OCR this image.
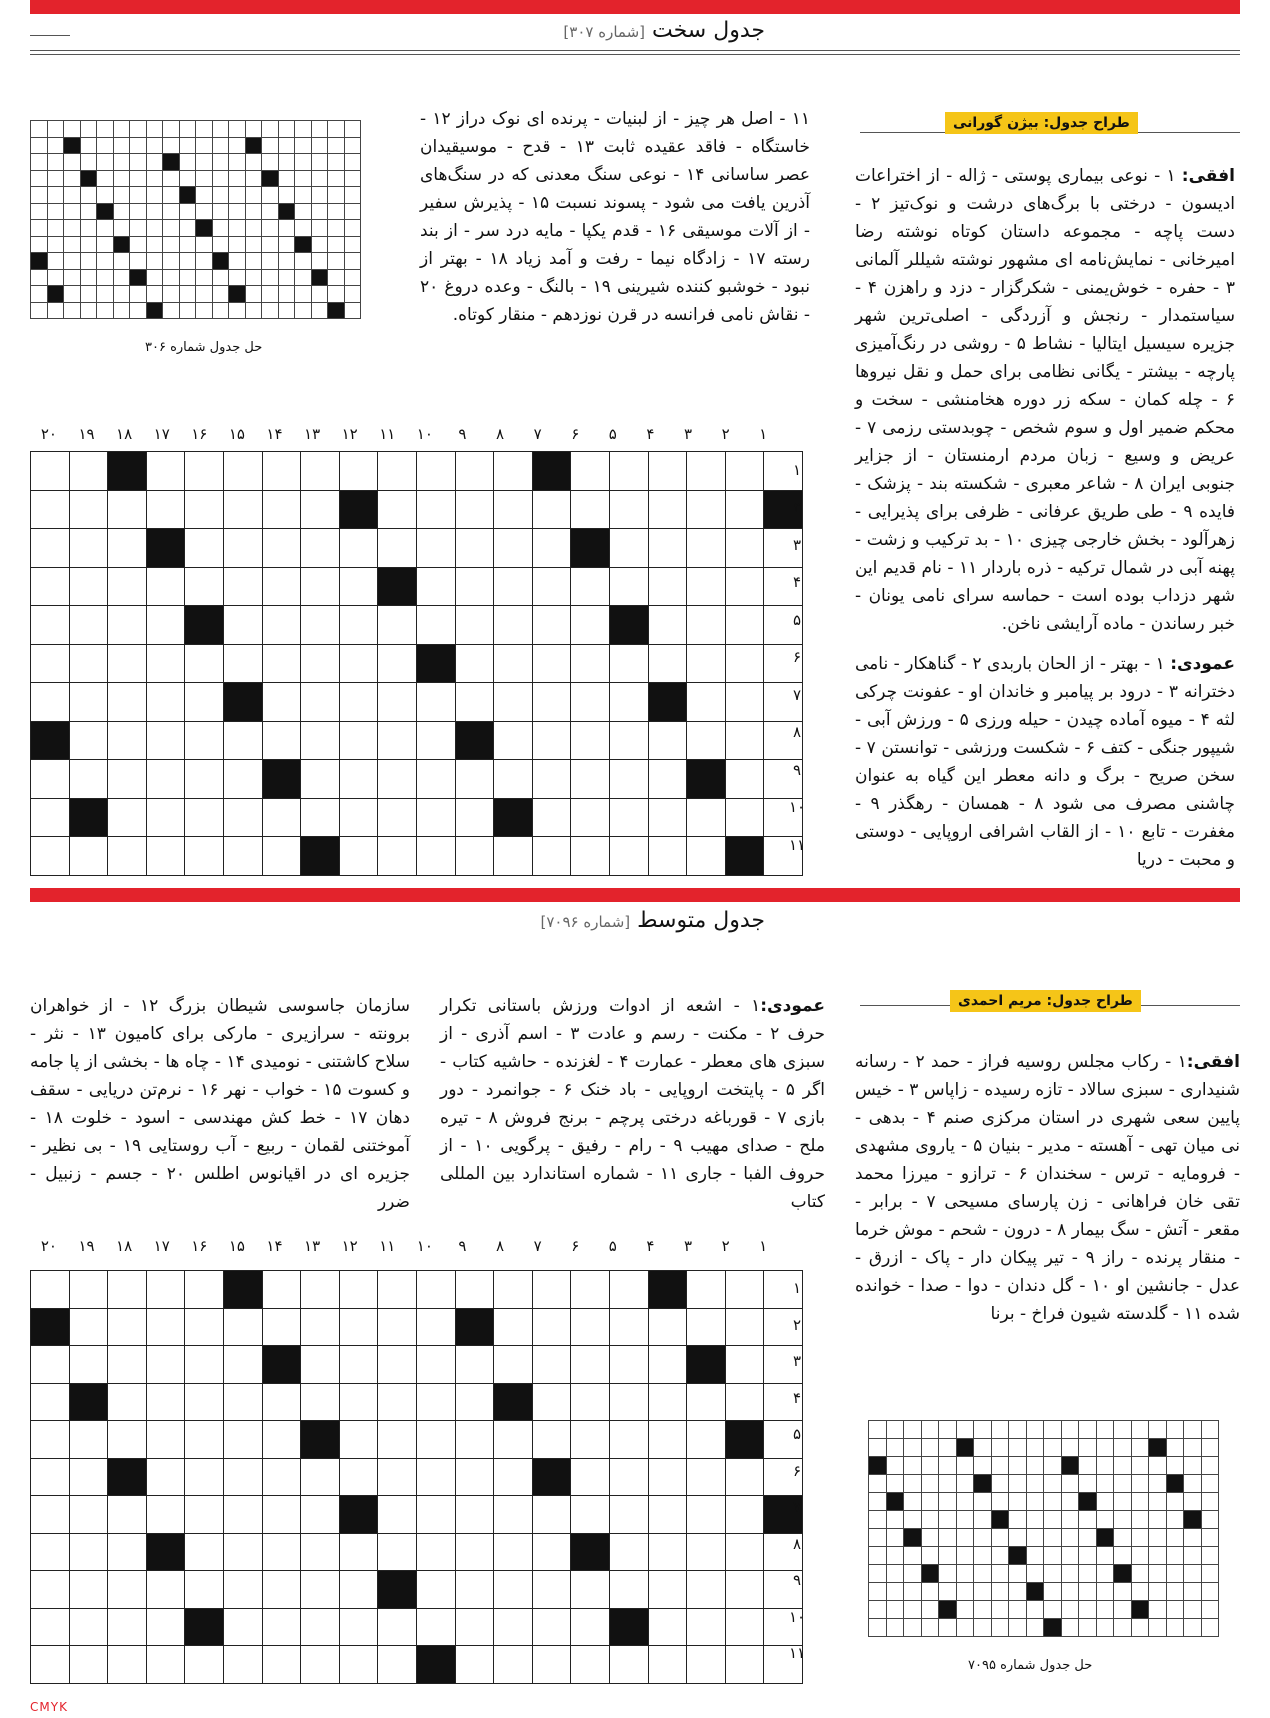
جدول سخت [شماره ۳۰۷]
طراح جدول: بیژن گورانی
افقی: ۱ - نوعی بیماری پوستی - ژاله - از اختراعات ادیسون - درختی با برگ‌های درشت و نوک‌تیز ۲ - دست پاچه - مجموعه داستان کوتاه نوشته رضا امیرخانی - نمایش‌نامه ای مشهور نوشته شیللر آلمانی ۳ - حفره - خوش‌یمنی - شکرگزار - دزد و راهزن ۴ - سیاستمدار - رنجش و آزردگی - اصلی‌ترین شهر جزیره سیسیل ایتالیا - نشاط ۵ - روشی در رنگ‌آمیزی پارچه - بیشتر - یگانی نظامی برای حمل و نقل نیروها ۶ - چله کمان - سکه زر دوره هخامنشی - سخت و محکم ضمیر اول و سوم شخص - چوبدستی رزمی ۷ - عریض و وسیع - زبان مردم ارمنستان - از جزایر جنوبی ایران ۸ - شاعر معبری - شکسته بند - پزشک - فایده ۹ - طی طریق عرفانی - ظرفی برای پذیرایی - زهرآلود - بخش خارجی چیزی ۱۰ - بد ترکیب و زشت - پهنه آبی در شمال ترکیه - ذره باردار ۱۱ - نام قدیم این شهر دزداب بوده است - حماسه سرای نامی یونان - خبر رساندن - ماده آرایشی ناخن.
عمودی: ۱ - بهتر - از الحان باربدی ۲ - گناهکار - نامی دخترانه ۳ - درود بر پیامبر و خاندان او - عفونت چرکی لثه ۴ - میوه آماده چیدن - حیله ورزی ۵ - ورزش آبی - شیپور جنگی - کتف ۶ - شکست ورزشی - توانستن ۷ - سخن صریح - برگ و دانه معطر این گیاه به عنوان چاشنی مصرف می شود ۸ - همسان - رهگذر ۹ - مغفرت - تابع ۱۰ - از القاب اشرافی اروپایی - دوستی و محبت - دریا
۱۱ - اصل هر چیز - از لبنیات - پرنده ای نوک دراز ۱۲ - خاستگاه - فاقد عقیده ثابت ۱۳ - قدح - موسیقیدان عصر ساسانی ۱۴ - نوعی سنگ معدنی که در سنگ‌های آذرین یافت می شود - پسوند نسبت ۱۵ - پذیرش سفیر - از آلات موسیقی ۱۶ - قدم یکپا - مایه درد سر - از بند رسته ۱۷ - زادگاه نیما - رفت و آمد زیاد ۱۸ - بهتر از نبود - خوشبو کننده شیرینی ۱۹ - بالنگ - وعده دروغ ۲۰ - نقاش نامی فرانسه در قرن نوزدهم - منقار کوتاه.

حل جدول شماره ۳۰۶
۱
۲
۳
۴
۵
۶
۷
۸
۹
۱۰
۱۱
۱۲
۱۳
۱۴
۱۵
۱۶
۱۷
۱۸
۱۹
۲۰

۱
۲
۳
۴
۵
۶
۷
۸
۹
۱۰
۱۱
جدول متوسط [شماره ۷۰۹۶]
طراح جدول: مریم احمدی
افقی:۱ - رکاب مجلس روسیه فراز - حمد ۲ - رسانه شنیداری - سبزی سالاد - تازه رسیده - زاپاس ۳ - خیس پایین سعی شهری در استان مرکزی صنم ۴ - بدهی - نی میان تهی - آهسته - مدیر - بنیان ۵ - یاروی مشهدی - فرومایه - ترس - سخندان ۶ - ترازو - میرزا محمد تقی خان فراهانی - زن پارسای مسیحی ۷ - برابر - مقعر - آتش - سگ بیمار ۸ - درون - شحم - موش خرما - منقار پرنده - راز ۹ - تیر پیکان دار - پاک - ازرق - عدل - جانشین او ۱۰ - گل دندان - دوا - صدا - خوانده شده ۱۱ - گلدسته شیون فراخ - برنا
عمودی:۱ - اشعه از ادوات ورزش باستانی تکرار حرف ۲ - مکنت - رسم و عادت ۳ - اسم آذری - از سبزی های معطر - عمارت ۴ - لغزنده - حاشیه کتاب - اگر ۵ - پایتخت اروپایی - باد خنک ۶ - جوانمرد - دور بازی ۷ - قورباغه درختی پرچم - برنج فروش ۸ - تیره ملح - صدای مهیب ۹ - رام - رفیق - پرگویی ۱۰ - از حروف الفبا - جاری ۱۱ - شماره استاندارد بین المللی کتاب
سازمان جاسوسی شیطان بزرگ ۱۲ - از خواهران برونته - سرازیری - مارکی برای کامیون ۱۳ - نثر - سلاح کاشتنی - نومیدی ۱۴ - چاه ها - بخشی از پا جامه و کسوت ۱۵ - خواب - نهر ۱۶ - نرم‌تن دریایی - سقف دهان ۱۷ - خط کش مهندسی - اسود - خلوت ۱۸ - آموختنی لقمان - ربیع - آب روستایی ۱۹ - بی نظیر - جزیره ای در اقیانوس اطلس ۲۰ - جسم - زنبیل - ضرر
۱
۲
۳
۴
۵
۶
۷
۸
۹
۱۰
۱۱
۱۲
۱۳
۱۴
۱۵
۱۶
۱۷
۱۸
۱۹
۲۰

۱
۲
۳
۴
۵
۶
۷
۸
۹
۱۰
۱۱

حل جدول شماره ۷۰۹۵
CMYK
